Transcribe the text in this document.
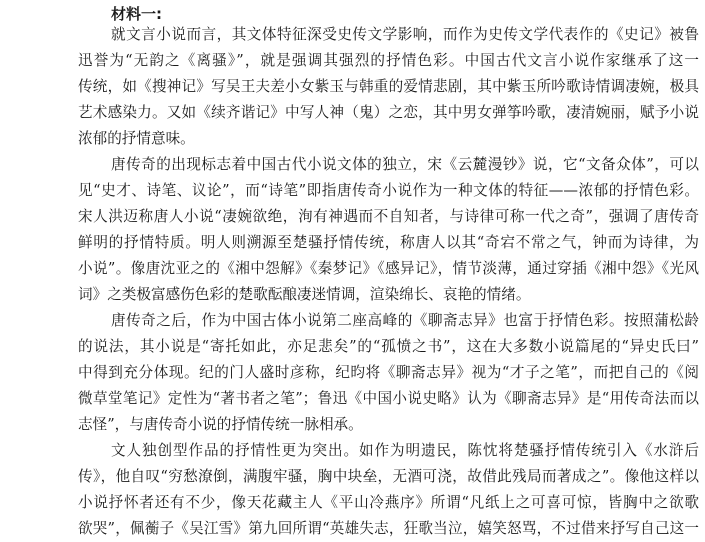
材料一:
就文言小说而言，其文体特征深受史传文学影响，而作为史传文学代表作的《史记》被鲁
迅誉为“无韵之《离骚》”，就是强调其强烈的抒情色彩。中国古代文言小说作家继承了这一
传统，如《搜神记》写吴王夫差小女紫玉与韩重的爱情悲剧，其中紫玉所吟歌诗情调凄婉，极具
艺术感染力。又如《续齐谐记》中写人神（鬼）之恋，其中男女弹筝吟歌，凄清婉丽，赋予小说
浓郁的抒情意味。
唐传奇的出现标志着中国古代小说文体的独立，宋《云麓漫钞》说，它“文备众体”，可以
见“史才、诗笔、议论”，而“诗笔”即指唐传奇小说作为一种文体的特征——浓郁的抒情色彩。
宋人洪迈称唐人小说“凄婉欲绝，洵有神遇而不自知者，与诗律可称一代之奇”，强调了唐传奇
鲜明的抒情特质。明人则溯源至楚骚抒情传统，称唐人以其“奇宕不常之气，钟而为诗律，为
小说”。像唐沈亚之的《湘中怨解》《秦梦记》《感异记》，情节淡薄，通过穿插《湘中怨》《光风
词》之类极富感伤色彩的楚歌酝酿凄迷情调，渲染绵长、哀艳的情绪。
唐传奇之后，作为中国古体小说第二座高峰的《聊斋志异》也富于抒情色彩。按照蒲松龄
的说法，其小说是“寄托如此，亦足悲矣”的“孤愤之书”，这在大多数小说篇尾的“异史氏曰”
中得到充分体现。纪的门人盛时彦称，纪昀将《聊斋志异》视为“才子之笔”，而把自己的《阅
微草堂笔记》定性为“著书者之笔”；鲁迅《中国小说史略》认为《聊斋志异》是“用传奇法而以
志怪”，与唐传奇小说的抒情传统一脉相承。
文人独创型作品的抒情性更为突出。如作为明遗民，陈忱将楚骚抒情传统引入《水浒后
传》，他自叹“穷愁潦倒，满腹牢骚，胸中块垒，无酒可浇，故借此残局而著成之”。像他这样以
小说抒怀者还有不少，像天花藏主人《平山冷燕序》所谓“凡纸上之可喜可惊，皆胸中之欲歌
欲哭”，佩蘅子《吴江雪》第九回所谓“英雄失志，狂歌当泣，嬉笑怒骂，不过借来抒写自己这一
